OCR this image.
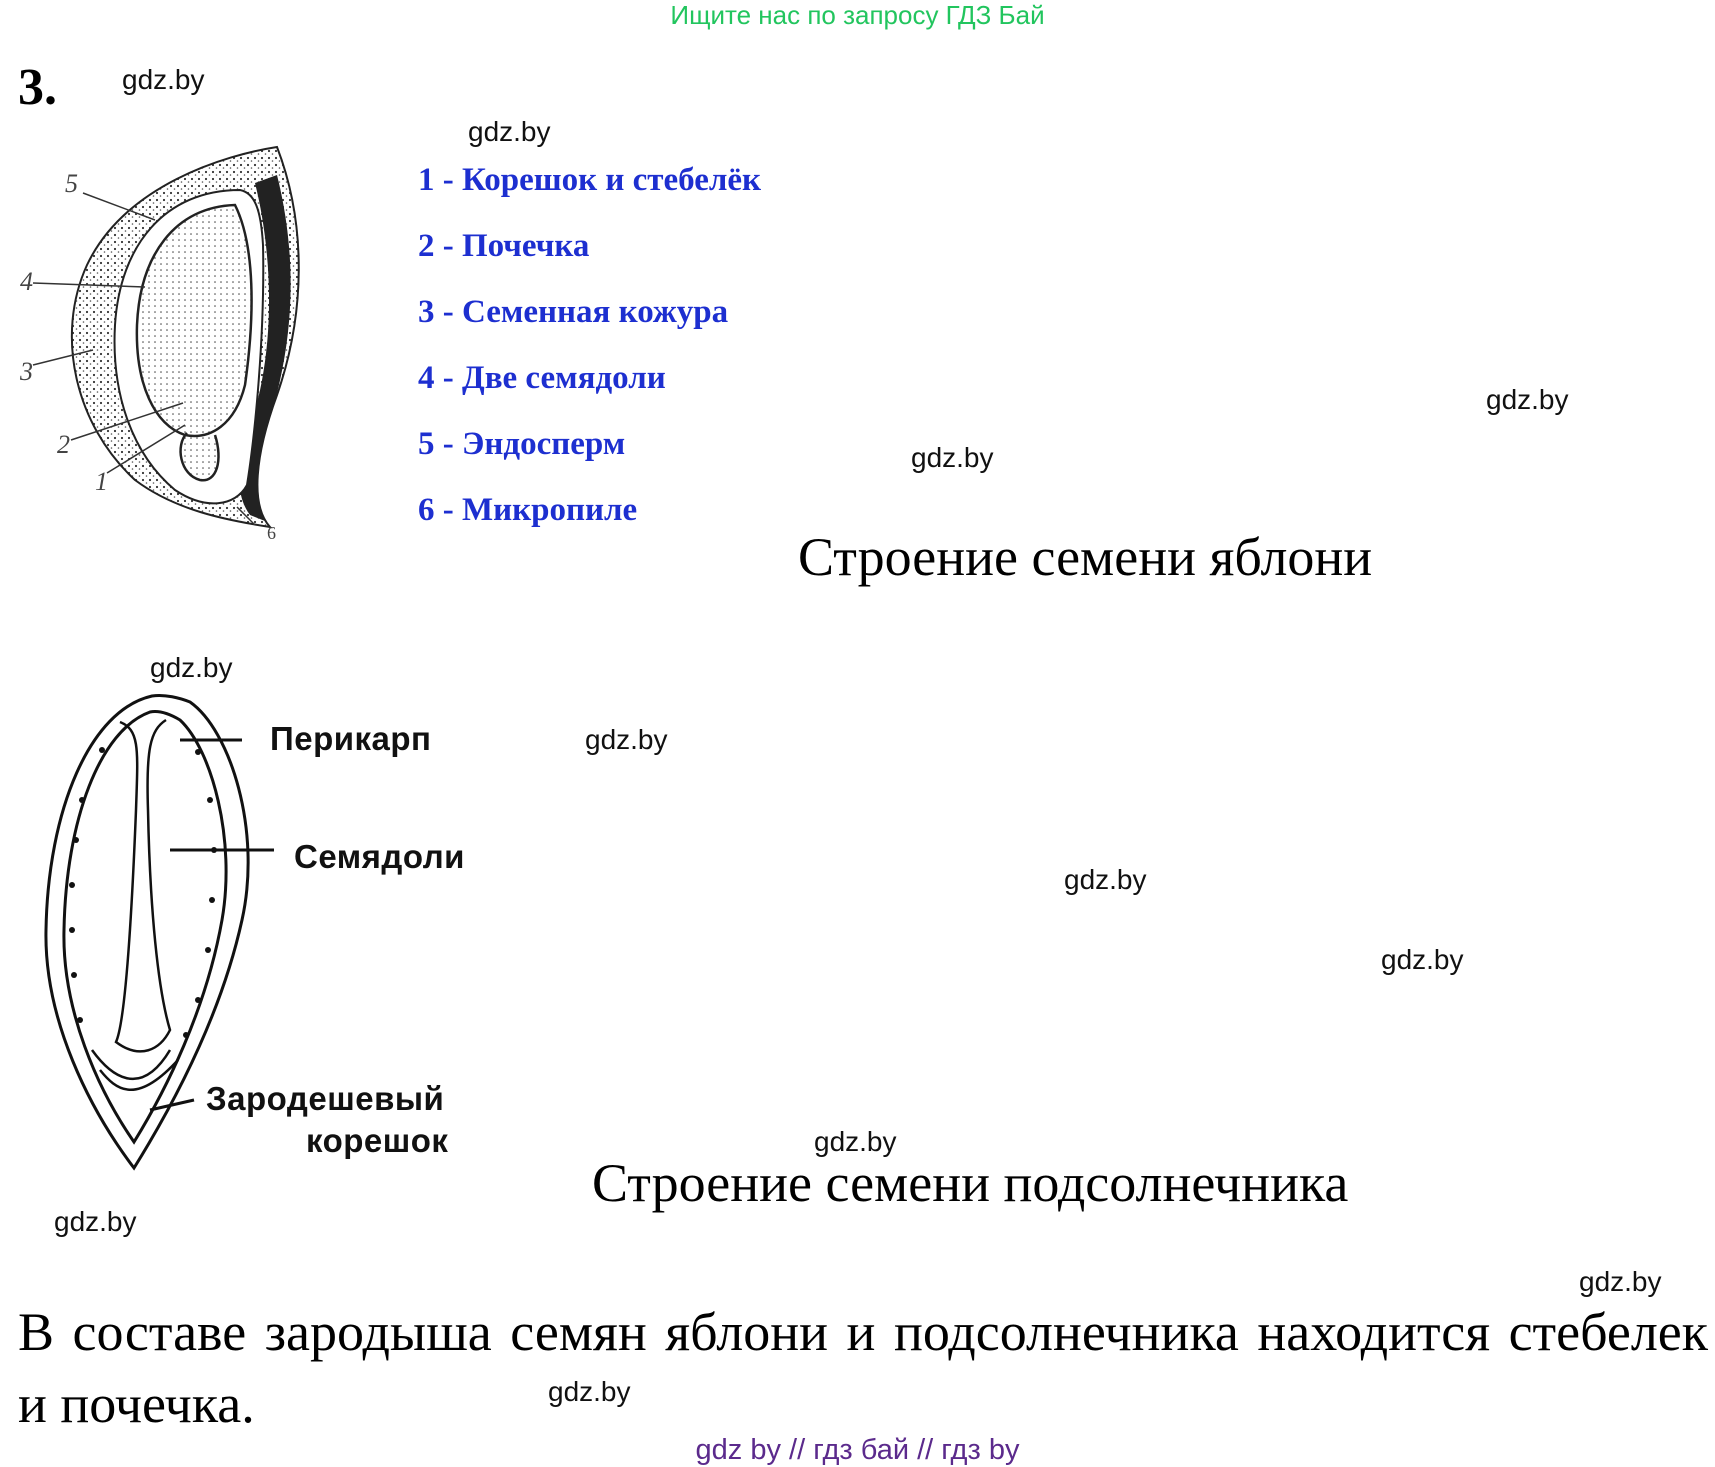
Ищите нас по запросу ГДЗ Бай
3. gdz.by
gdz.by
gdz.by
gdz.by
gdz.by
gdz.by
gdz.by
gdz.by
gdz.by
gdz.by
gdz.by
gdz.by
5
4
3
2
1
6
1 - Корешок и стебелёк
2 - Почечка
3 - Семенная кожура
4 - Две семядоли
5 - Эндосперм
6 - Микропиле
Строение семени яблони
Перикарп
Семядоли
Зародешевый
корешок
Строение семени подсолнечника
В составе зародыша семян яблони и подсолнечника находится стебелек и почечка.
gdz by // гдз бай // гдз by
